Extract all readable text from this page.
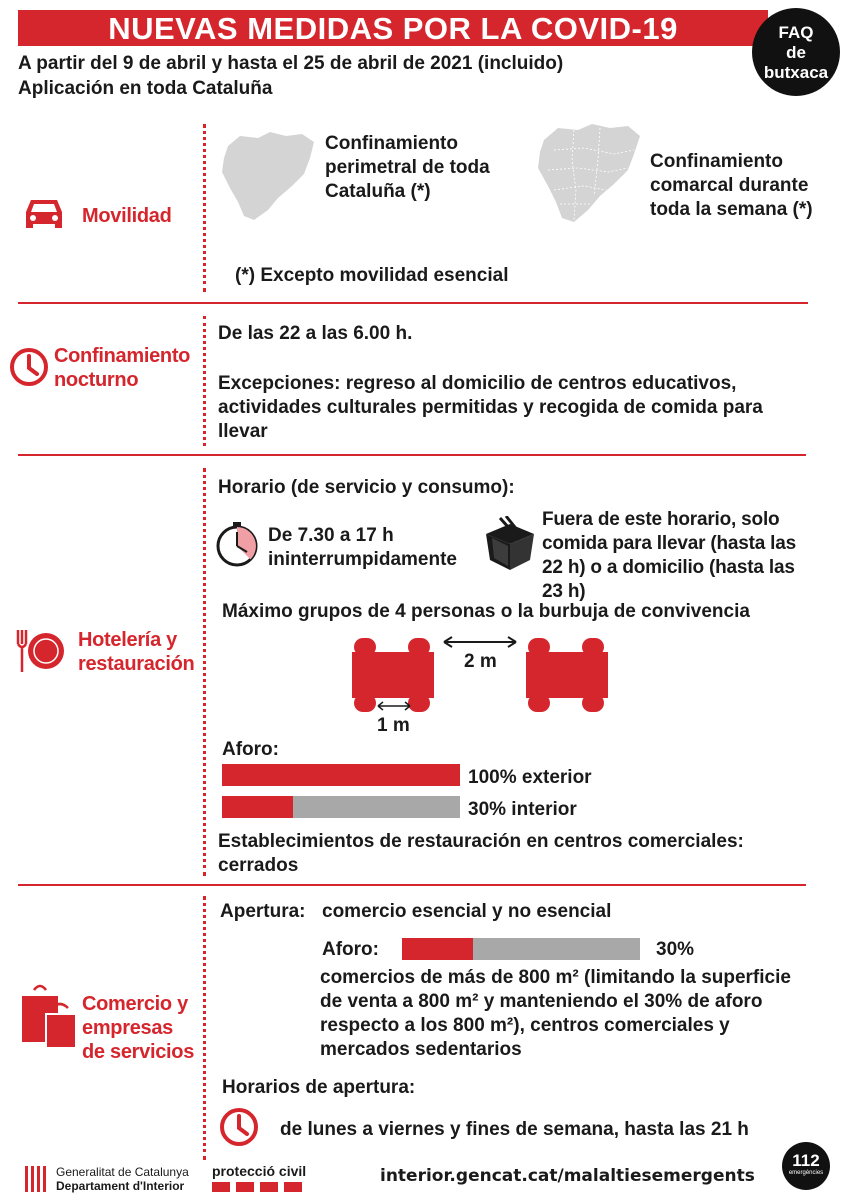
NUEVAS MEDIDAS POR LA COVID-19
A partir del 9 de abril y hasta el 25 de abril de 2021 (incluido)
Aplicación en toda Cataluña
FAQ
de
butxaca
Movilidad
Confinamiento
perimetral de toda
Cataluña (*)
Confinamiento
comarcal durante
toda la semana (*)
(*) Excepto movilidad esencial
Confinamiento
nocturno
De las 22 a las 6.00 h.
Excepciones: regreso al domicilio de centros educativos,
actividades culturales permitidas y recogida de comida para
llevar
Hotelería y
restauración
Horario (de servicio y consumo):
De 7.30 a 17 h
ininterrumpidamente
Fuera de este horario, solo
comida para llevar (hasta las
22 h) o a domicilio (hasta las
23 h)
Máximo grupos de 4 personas o la burbuja de convivencia
2 m
1 m
Aforo:
100% exterior
30% interior
Establecimientos de restauración en centros comerciales:
cerrados
Comercio y
empresas
de servicios
Apertura: comercio esencial y no esencial
Aforo:	30%
comercios de más de 800 m² (limitando la superficie
de venta a 800 m² y manteniendo el 30% de aforo
respecto a los 800 m²), centros comerciales y
mercados sedentarios
Horarios de apertura:
de lunes a viernes y fines de semana, hasta las 21 h
Generalitat de Catalunya
Departament d'Interior
protecció civil	interior.gencat.cat/malaltiesemergents
112
emergències
